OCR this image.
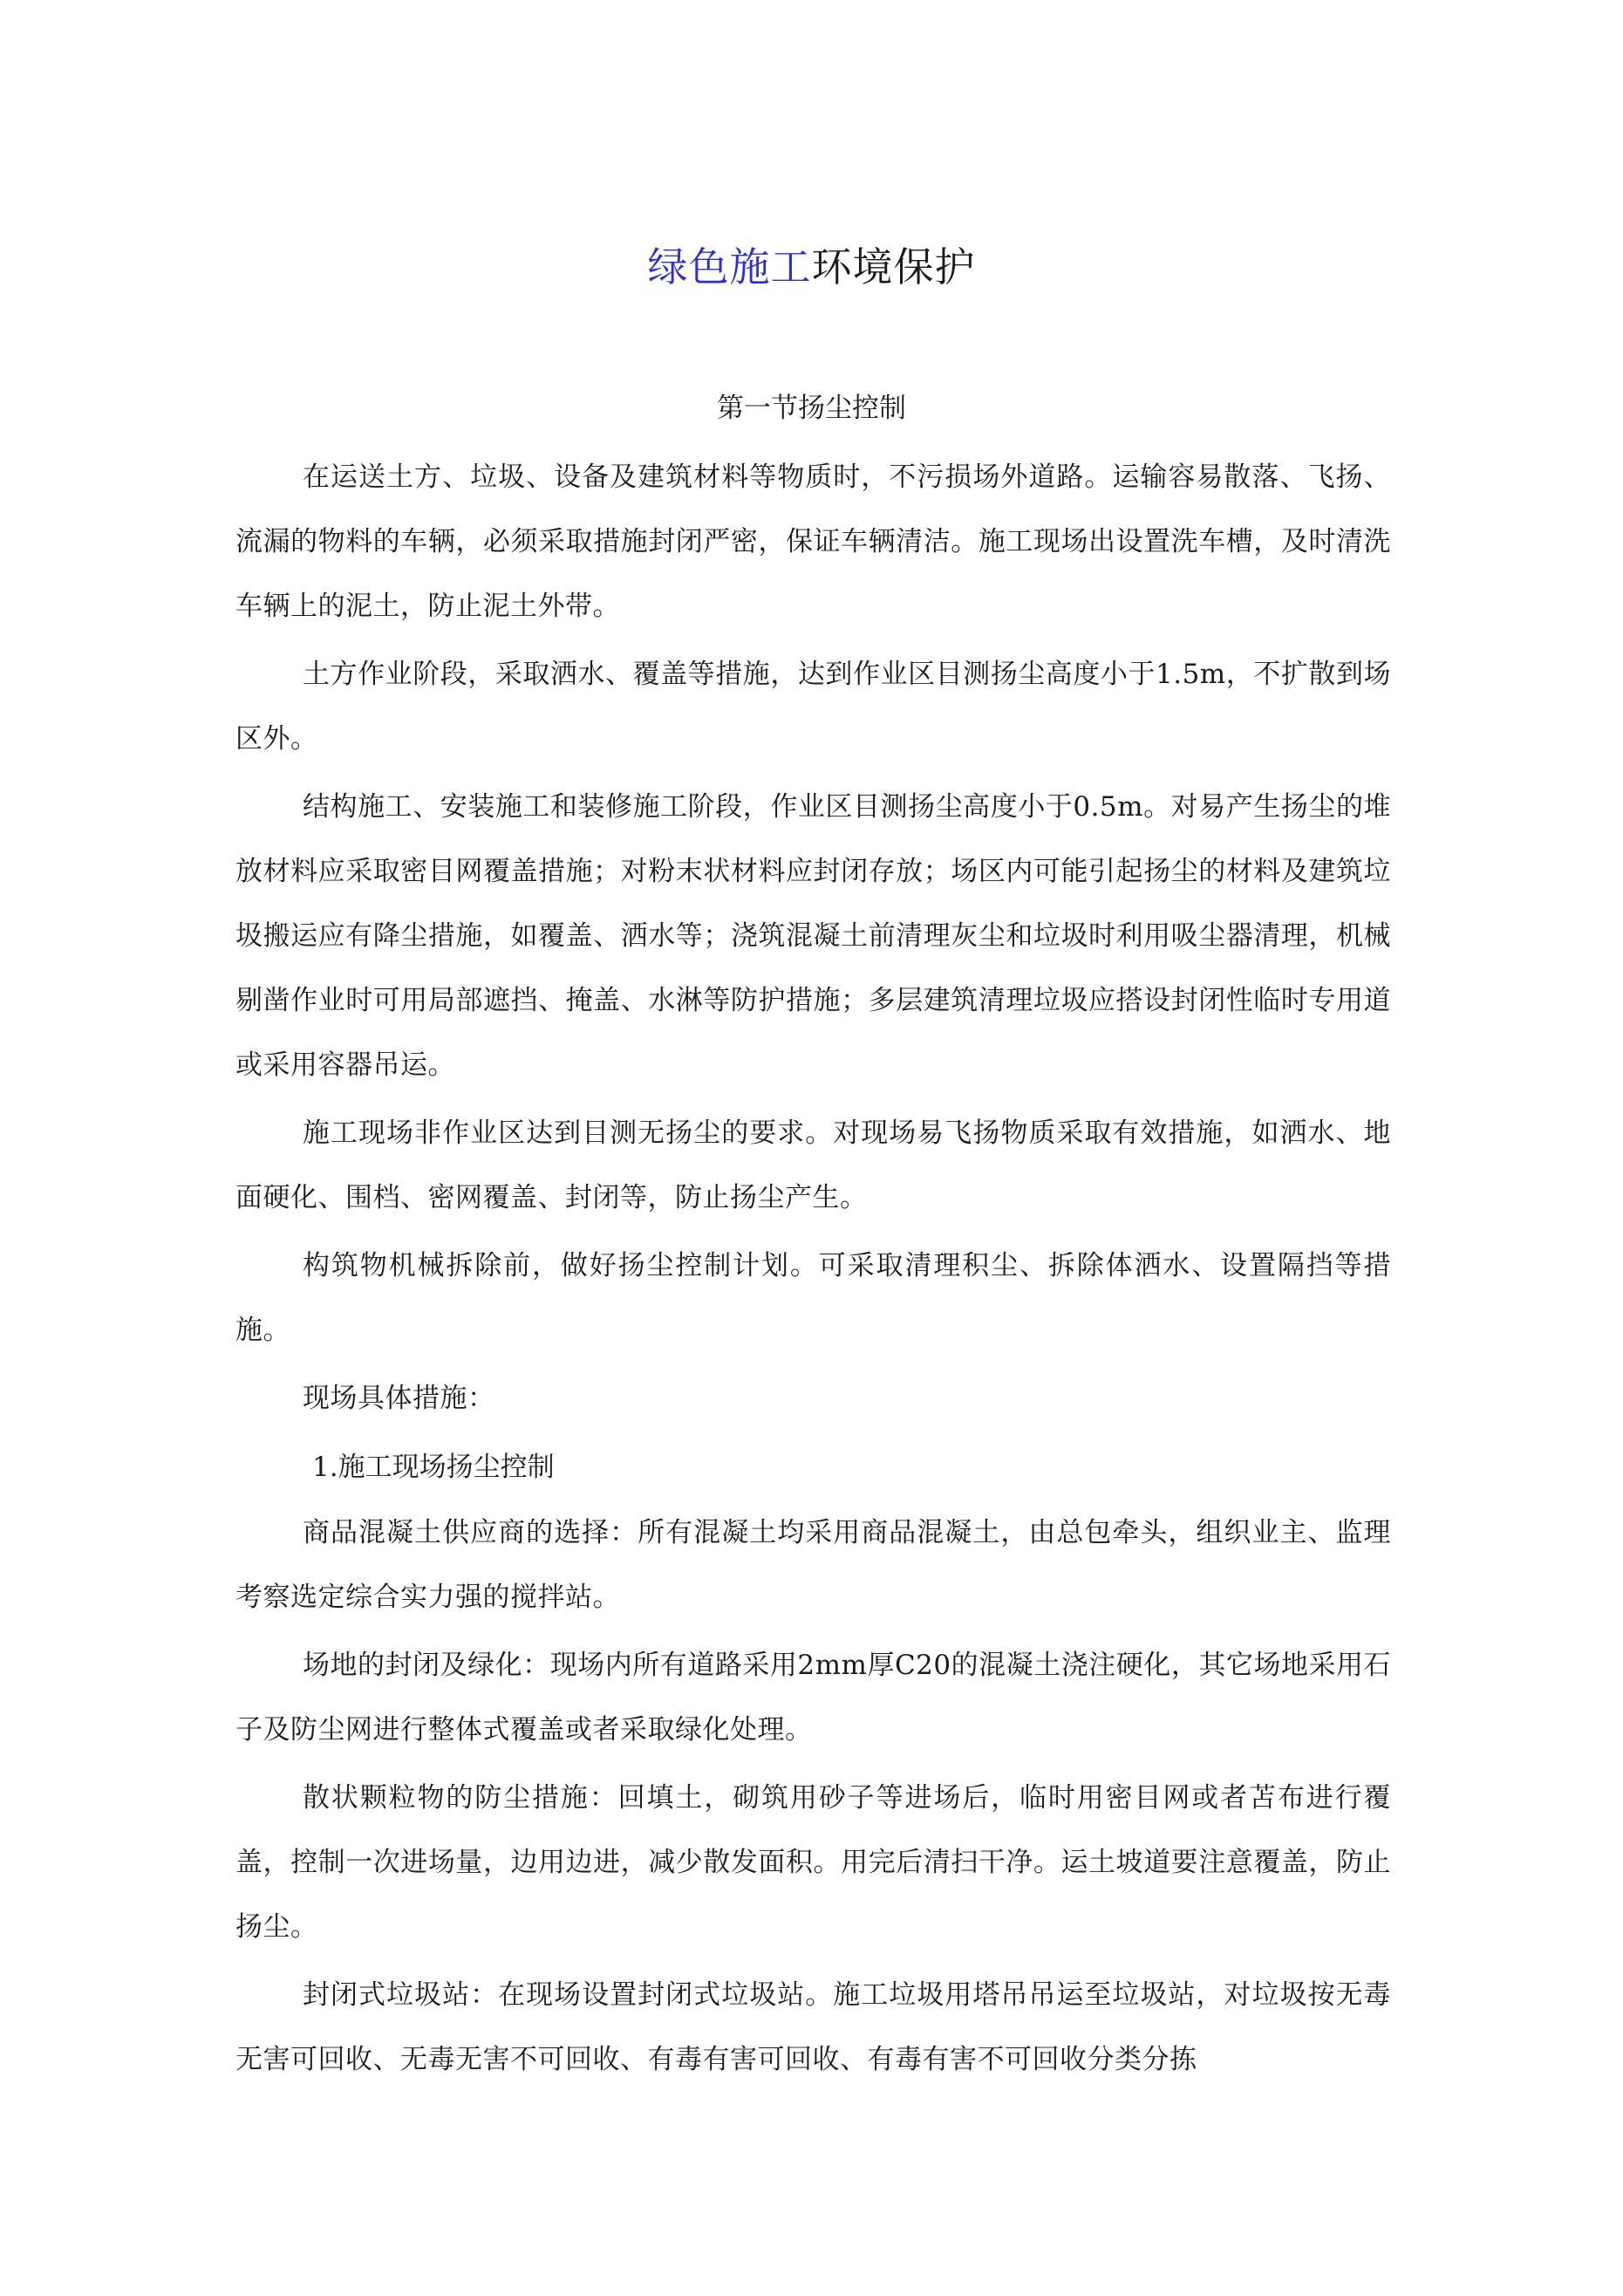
绿色施工环境保护
第一节扬尘控制

在运送土方、垃圾、设备及建筑材料等物质时，不污损场外道路。运输容易散落、飞扬、流漏的物料的车辆，必须采取措施封闭严密，保证车辆清洁。施工现场出设置洗车槽，及时清洗车辆上的泥土，防止泥土外带。

土方作业阶段，采取洒水、覆盖等措施，达到作业区目测扬尘高度小于1.5m，不扩散到场区外。

结构施工、安装施工和装修施工阶段，作业区目测扬尘高度小于0.5m。对易产生扬尘的堆放材料应采取密目网覆盖措施；对粉末状材料应封闭存放；场区内可能引起扬尘的材料及建筑垃圾搬运应有降尘措施，如覆盖、洒水等；浇筑混凝土前清理灰尘和垃圾时利用吸尘器清理，机械剔凿作业时可用局部遮挡、掩盖、水淋等防护措施；多层建筑清理垃圾应搭设封闭性临时专用道或采用容器吊运。

施工现场非作业区达到目测无扬尘的要求。对现场易飞扬物质采取有效措施，如洒水、地面硬化、围档、密网覆盖、封闭等，防止扬尘产生。

构筑物机械拆除前，做好扬尘控制计划。可采取清理积尘、拆除体洒水、设置隔挡等措施。

现场具体措施：

1.施工现场扬尘控制

商品混凝土供应商的选择：所有混凝土均采用商品混凝土，由总包牵头，组织业主、监理考察选定综合实力强的搅拌站。

场地的封闭及绿化：现场内所有道路采用2mm厚C20的混凝土浇注硬化，其它场地采用石子及防尘网进行整体式覆盖或者采取绿化处理。

散状颗粒物的防尘措施：回填土，砌筑用砂子等进场后，临时用密目网或者苫布进行覆盖，控制一次进场量，边用边进，减少散发面积。用完后清扫干净。运土坡道要注意覆盖，防止扬尘。

封闭式垃圾站：在现场设置封闭式垃圾站。施工垃圾用塔吊吊运至垃圾站，对垃圾按无毒无害可回收、无毒无害不可回收、有毒有害可回收、有毒有害不可回收分类分拣
